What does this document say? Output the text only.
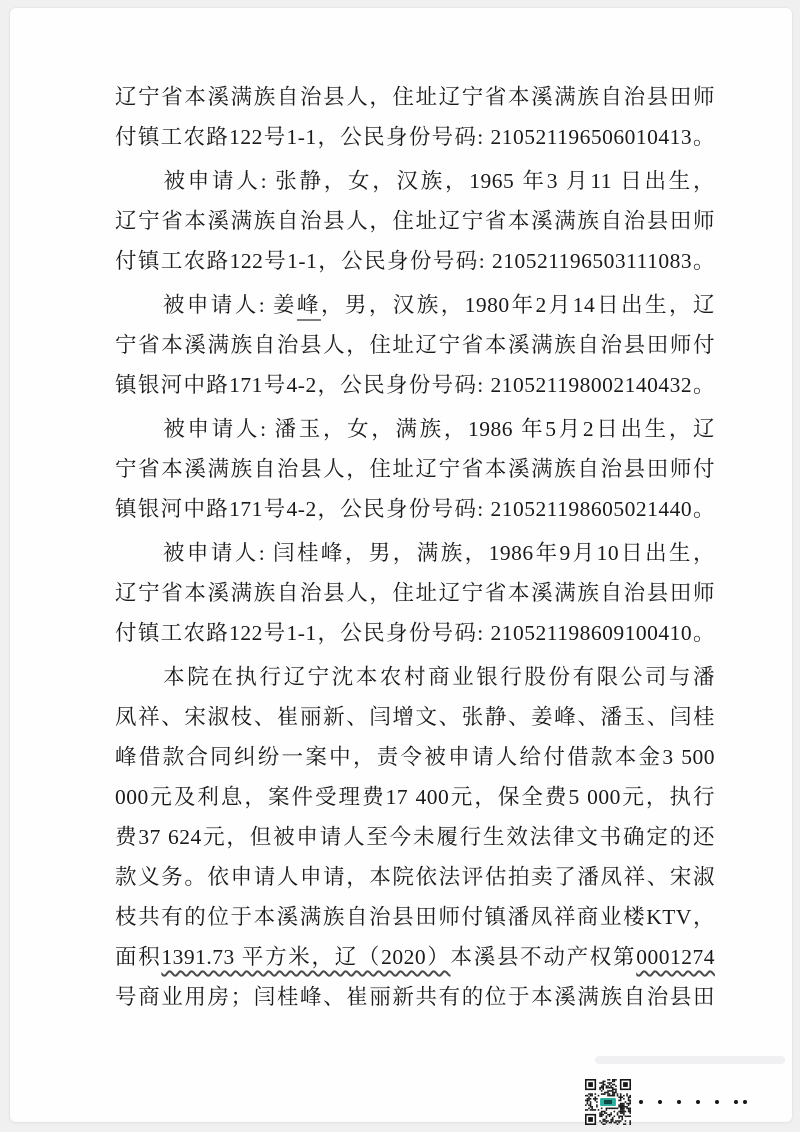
辽宁省本溪满族自治县人，住址辽宁省本溪满族自治县田师
付镇工农路122号1-1，公民身份号码: 210521196506010413。
　　被申请人: 张静，女，汉族，1965 年3 月11 日出生，
辽宁省本溪满族自治县人，住址辽宁省本溪满族自治县田师
付镇工农路122号1-1，公民身份号码: 210521196503111083。
　　被申请人: 姜峰，男，汉族，1980年2月14日出生，辽
宁省本溪满族自治县人，住址辽宁省本溪满族自治县田师付
镇银河中路171号4-2，公民身份号码: 210521198002140432。
　　被申请人: 潘玉，女，满族，1986 年5月2日出生，辽
宁省本溪满族自治县人，住址辽宁省本溪满族自治县田师付
镇银河中路171号4-2，公民身份号码: 210521198605021440。
　　被申请人: 闫桂峰，男，满族，1986年9月10日出生，
辽宁省本溪满族自治县人，住址辽宁省本溪满族自治县田师
付镇工农路122号1-1，公民身份号码: 210521198609100410。
　　本院在执行辽宁沈本农村商业银行股份有限公司与潘
凤祥、宋淑枝、崔丽新、闫增文、张静、姜峰、潘玉、闫桂
峰借款合同纠纷一案中，责令被申请人给付借款本金3 500
000元及利息，案件受理费17 400元，保全费5 000元，执行
费37 624元，但被申请人至今未履行生效法律文书确定的还
款义务。依申请人申请，本院依法评估拍卖了潘凤祥、宋淑
枝共有的位于本溪满族自治县田师付镇潘凤祥商业楼KTV，
面积1391.73 平方米，辽（2020）本溪县不动产权第0001274
号商业用房；闫桂峰、崔丽新共有的位于本溪满族自治县田
